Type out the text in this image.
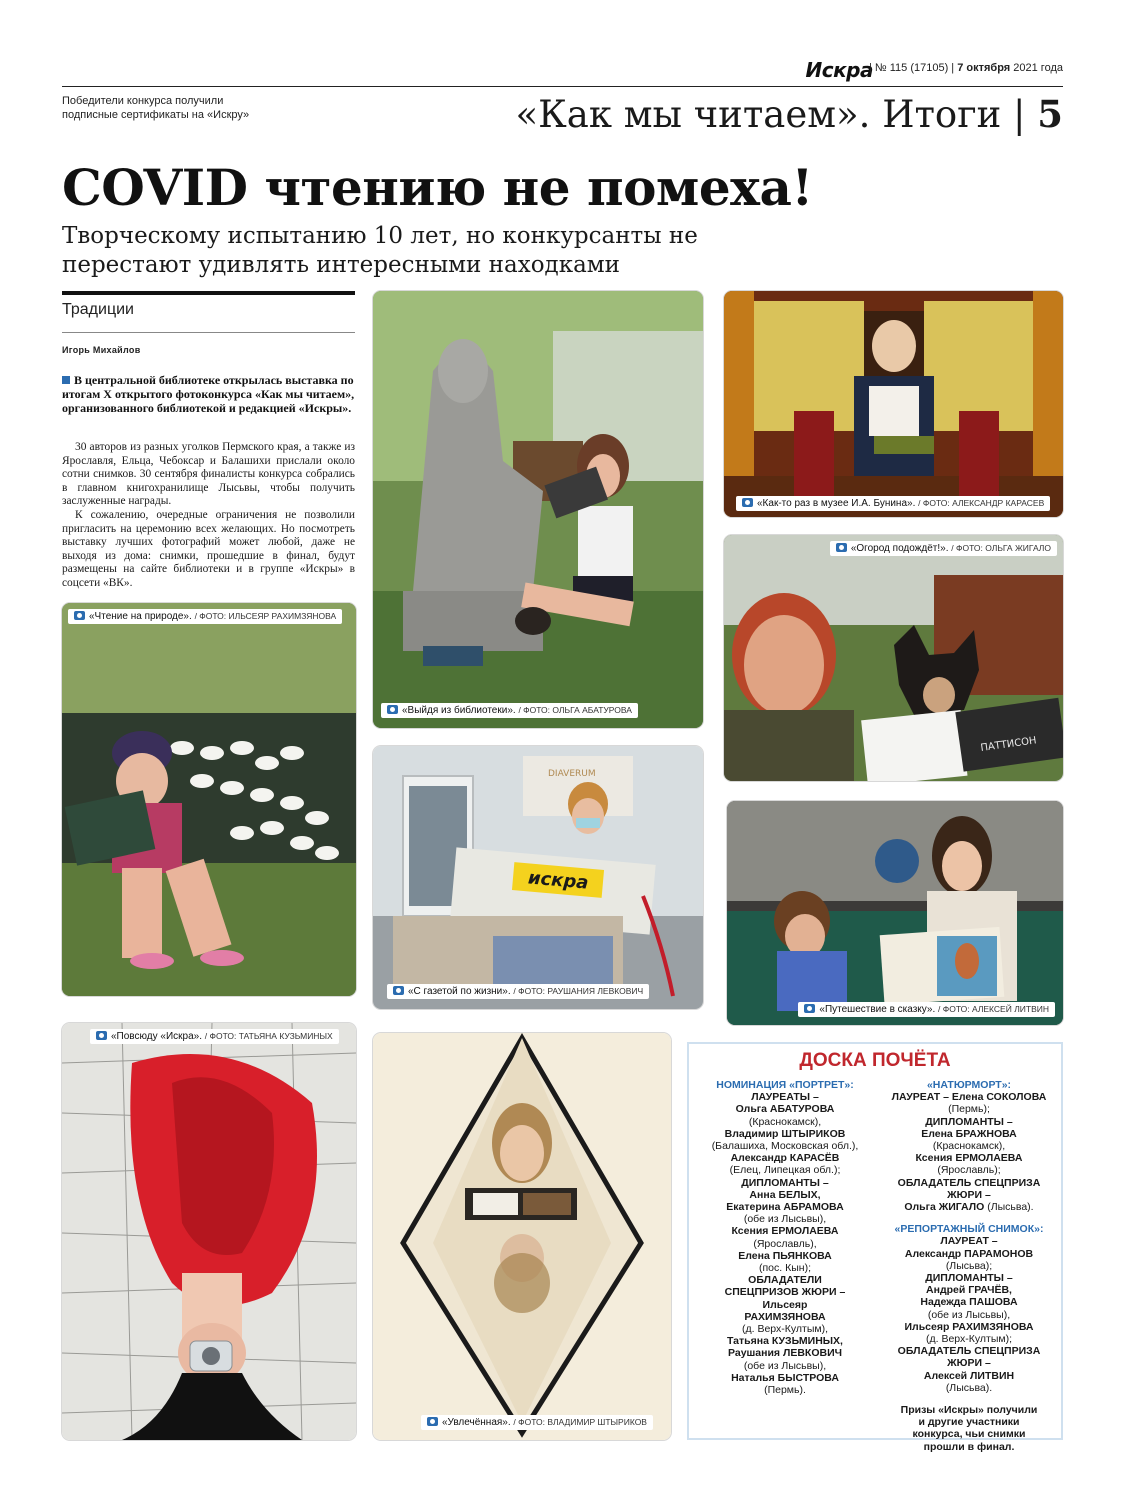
Искра
| № 115 (17105) | 7 октября 2021 года
Победители конкурса получили подписные сертификаты на «Искру»	«Как мы читаем». Итоги | 5
COVID чтению не помеха!
Творческому испытанию 10 лет, но конкурсанты не перестают удивлять интересными находками
Традиции
Игорь Михайлов
В центральной библиотеке открылась выставка по итогам X открытого фотоконкурса «Как мы читаем», организованного библиотекой и редакцией «Искры».

30 авторов из разных уголков Пермского края, а также из Ярославля, Ельца, Чебоксар и Балашихи прислали около сотни снимков. 30 сентября финалисты конкурса собрались в главном книгохранилище Лысьвы, чтобы получить заслуженные награды.

К сожалению, очередные ограничения не позволили пригласить на церемонию всех желающих. Но посмотреть выставку лучших фотографий может любой, даже не выходя из дома: снимки, прошедшие в финал, будут размещены на сайте библиотеки и в группе «Искры» в соцсети «ВК».

«Чтение на природе». / ФОТО: ИЛЬСЕЯР РАХИМЗЯНОВА
«Выйдя из библиотеки». / ФОТО: ОЛЬГА АБАТУРОВА
«Как-то раз в музее И.А. Бунина». / ФОТО: АЛЕКСАНДР КАРАСЕВ
ПАТТИСОН
«Огород подождёт!». / ФОТО: ОЛЬГА ЖИГАЛО
DIAVERUM
искра
«С газетой по жизни». / ФОТО: РАУШАНИЯ ЛЕВКОВИЧ
«Путешествие в сказку». / ФОТО: АЛЕКСЕЙ ЛИТВИН
«Повсюду «Искра». / ФОТО: ТАТЬЯНА КУЗЬМИНЫХ
«Увлечённая». / ФОТО: ВЛАДИМИР ШТЫРИКОВ
ДОСКА ПОЧЁТА
НОМИНАЦИЯ «ПОРТРЕТ»:
ЛАУРЕАТЫ –
Ольга АБАТУРОВА
(Краснокамск),
Владимир ШТЫРИКОВ
(Балашиха, Московская обл.),
Александр КАРАСЁВ
(Елец, Липецкая обл.);
ДИПЛОМАНТЫ –
Анна БЕЛЫХ,
Екатерина АБРАМОВА
(обе из Лысьвы),
Ксения ЕРМОЛАЕВА
(Ярославль),
Елена ПЬЯНКОВА
(пос. Кын);
ОБЛАДАТЕЛИ
СПЕЦПРИЗОВ ЖЮРИ –
Ильсеяр
РАХИМЗЯНОВА
(д. Верх-Култым),
Татьяна КУЗЬМИНЫХ,
Раушания ЛЕВКОВИЧ
(обе из Лысьвы),
Наталья БЫСТРОВА
(Пермь).
«НАТЮРМОРТ»:
ЛАУРЕАТ – Елена СОКОЛОВА
(Пермь);
ДИПЛОМАНТЫ –
Елена БРАЖНОВА
(Краснокамск),
Ксения ЕРМОЛАЕВА
(Ярославль);
ОБЛАДАТЕЛЬ СПЕЦПРИЗА ЖЮРИ –
Ольга ЖИГАЛО (Лысьва).
«РЕПОРТАЖНЫЙ СНИМОК»:
ЛАУРЕАТ –
Александр ПАРАМОНОВ
(Лысьва);
ДИПЛОМАНТЫ –
Андрей ГРАЧЁВ,
Надежда ПАШОВА
(обе из Лысьвы),
Ильсеяр РАХИМЗЯНОВА
(д. Верх-Култым);
ОБЛАДАТЕЛЬ СПЕЦПРИЗА ЖЮРИ –
Алексей ЛИТВИН
(Лысьва).
Призы «Искры» получили
и другие участники
конкурса, чьи снимки
прошли в финал.
